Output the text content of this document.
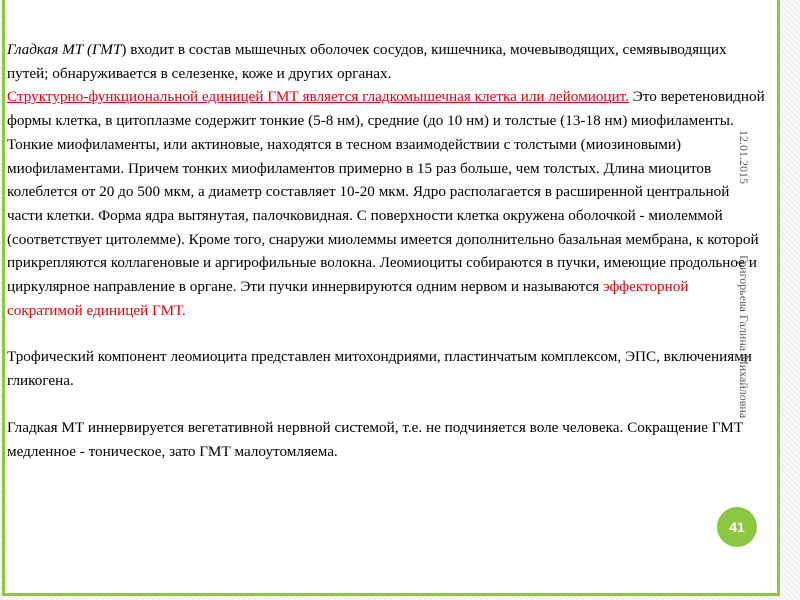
Гладкая МТ (ГМТ) входит в состав мышечных оболочек сосудов, кишечника, мочевыводящих, семявыводящих путей; обнаруживается в селезенке, коже и других органах.

Структурно-функциональной единицей ГМТ является гладкомышечная клетка или лейомиоцит. Это веретеновидной формы клетка, в цитоплазме содержит тонкие (5-8 нм), средние (до 10 нм) и толстые (13-18 нм) миофиламенты. Тонкие миофиламенты, или актиновые, находятся в тесном взаимодействии с толстыми (миозиновыми) миофиламентами. Причем тонких миофиламентов примерно в 15 раз больше, чем толстых. Длина миоцитов колеблется от 20 до 500 мкм, а диаметр составляет 10-20 мкм. Ядро располагается в расширенной центральной части клетки. Форма ядра вытянутая, палочковидная. С поверхности клетка окружена оболочкой - миолеммой (соответствует цитолемме). Кроме того, снаружи миолеммы имеется дополнительно базальная мембрана, к которой прикрепляются коллагеновые и аргирофильные волокна. Леомиоциты собираются в пучки, имеющие продольное и циркулярное направление в органе. Эти пучки иннервируются одним нервом и называются эффекторной сократимой единицей ГМТ.

Трофический компонент леомиоцита представлен митохондриями, пластинчатым комплексом, ЭПС, включениями гликогена.

Гладкая МТ иннервируется вегетативной нервной системой, т.е. не подчиняется воле человека. Сокращение ГМТ медленное - тоническое, зато ГМТ малоутомляема.

12.01.2015 Григорьева Галина Михайловна
41
